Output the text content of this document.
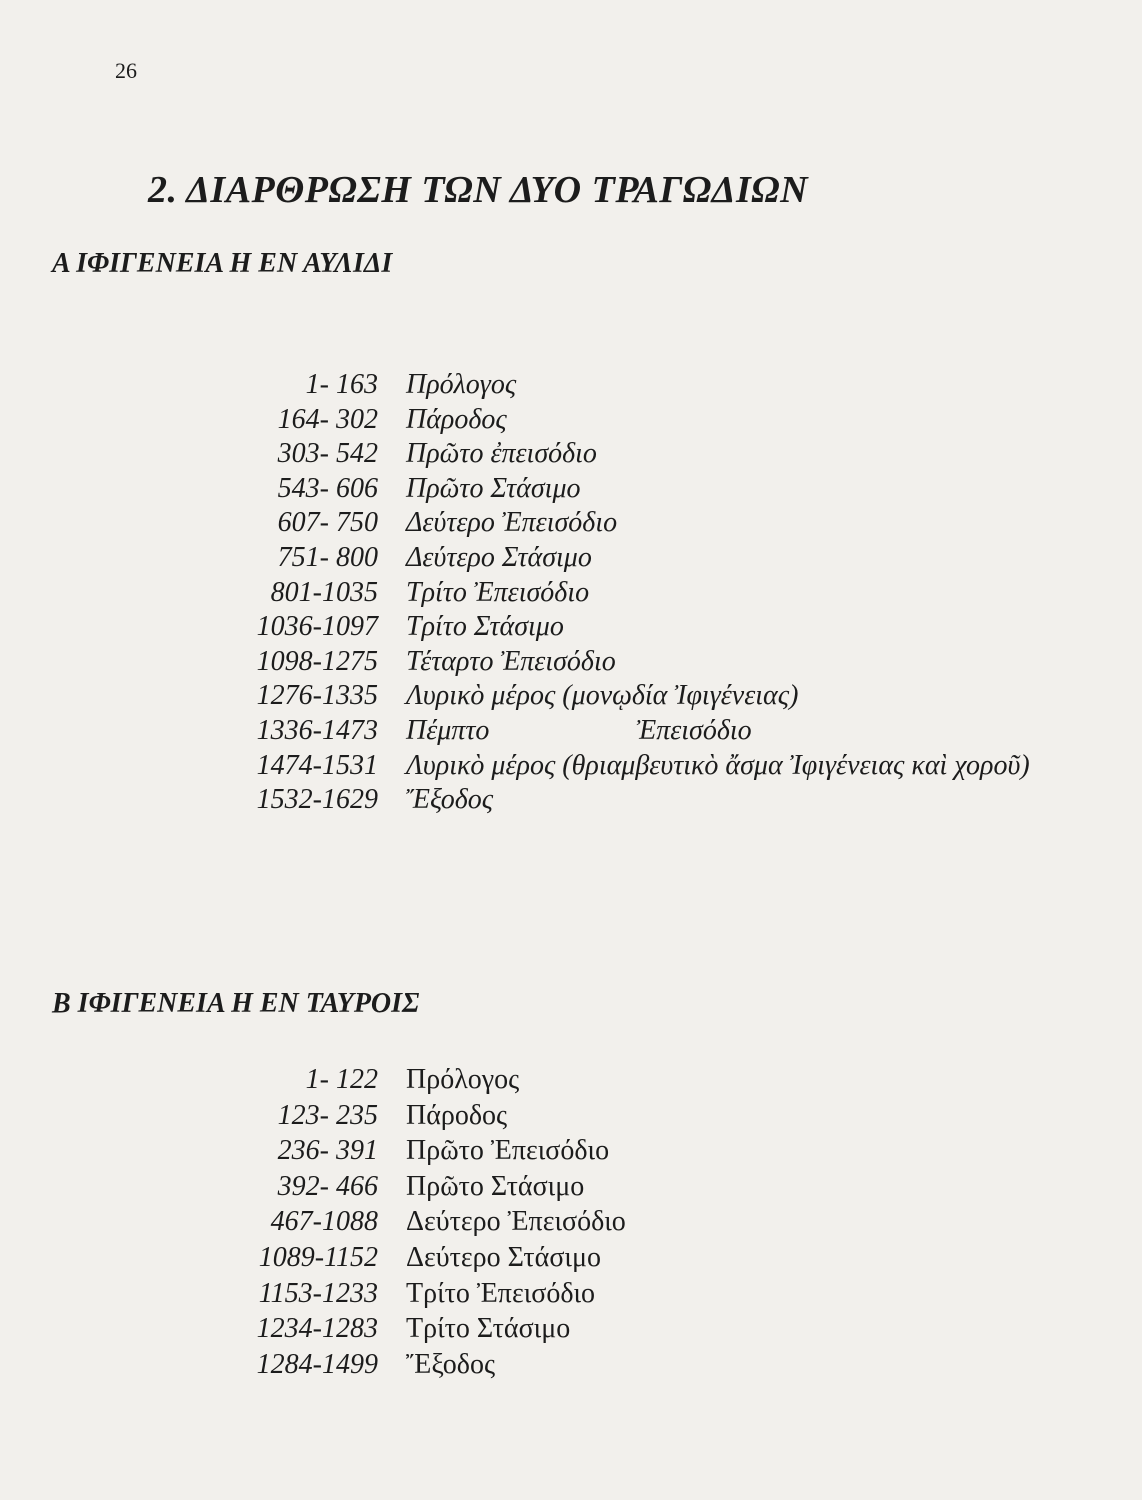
26
2. ΔΙΑΡΘΡΩΣΗ ΤΩΝ ΔΥΟ ΤΡΑΓΩΔΙΩΝ
Α ΙΦΙΓΕΝΕΙΑ Η ΕΝ ΑΥΛΙΔΙ
1- 163	Πρόλογος
164- 302	Πάροδος
303- 542	Πρῶτο ἐπεισόδιο
543- 606	Πρῶτο Στάσιμο
607- 750	Δεύτερο Ἐπεισόδιο
751- 800	Δεύτερο Στάσιμο
801-1035	Τρίτο Ἐπεισόδιο
1036-1097	Τρίτο Στάσιμο
1098-1275	Τέταρτο Ἐπεισόδιο
1276-1335	Λυρικὸ μέρος (μονῳδία Ἰφιγένειας)
1336-1473	Πέμπτο                     Ἐπεισόδιο
1474-1531	Λυρικὸ μέρος (θριαμβευτικὸ ἄσμα Ἰφιγένειας καὶ χοροῦ)
1532-1629	Ἔξοδος
Β ΙΦΙΓΕΝΕΙΑ Η ΕΝ ΤΑΥΡΟΙΣ
1- 122	Πρόλογος
123- 235	Πάροδος
236- 391	Πρῶτο Ἐπεισόδιο
392- 466	Πρῶτο Στάσιμο
467-1088	Δεύτερο Ἐπεισόδιο
1089-1152	Δεύτερο Στάσιμο
1153-1233	Τρίτο Ἐπεισόδιο
1234-1283	Τρίτο Στάσιμο
1284-1499	Ἔξοδος
